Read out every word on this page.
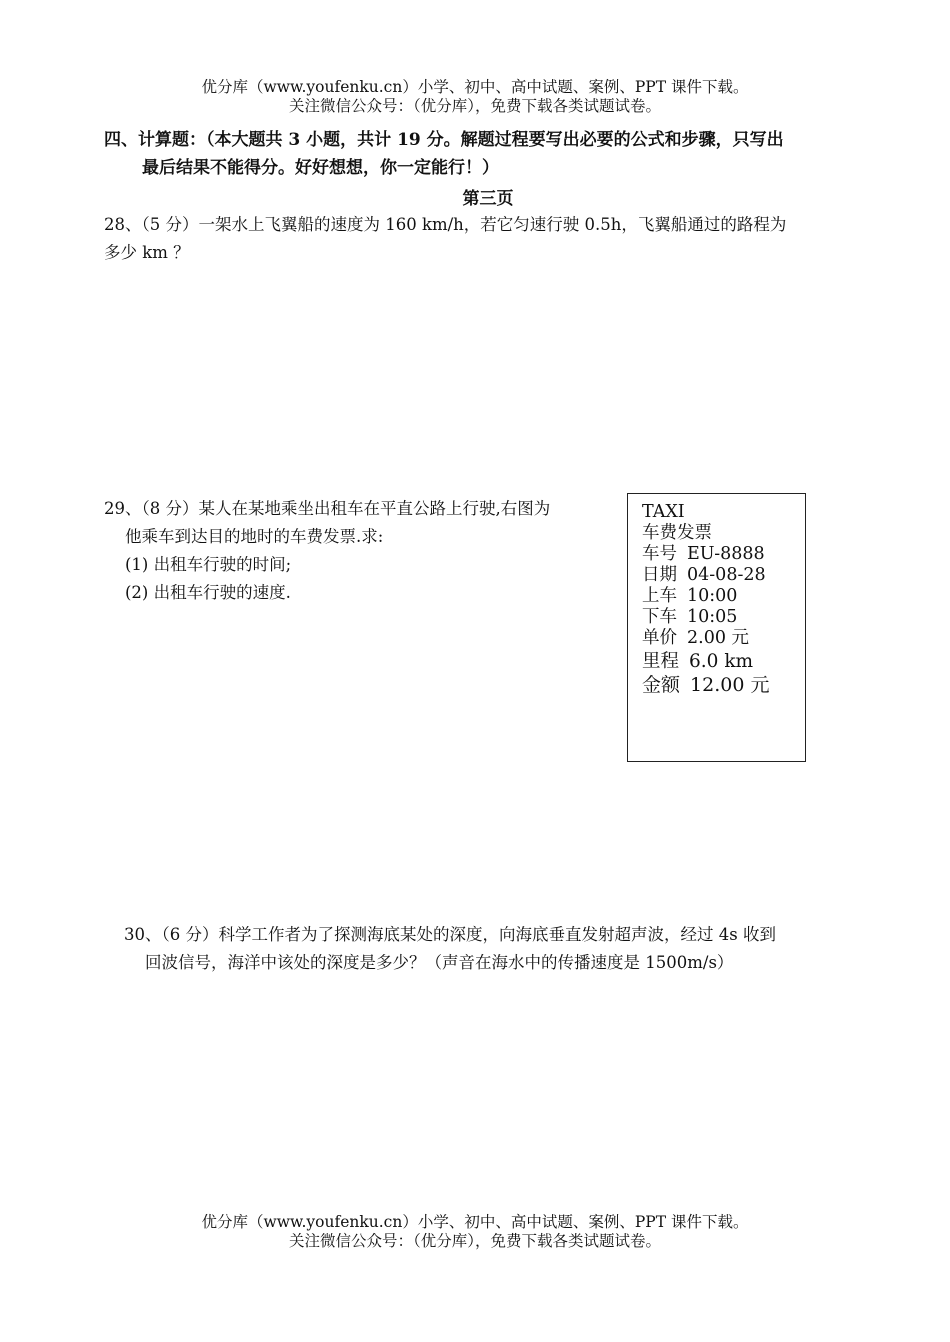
优分库（www.youfenku.cn）小学、初中、高中试题、案例、PPT 课件下载。
关注微信公众号：（优分库），免费下载各类试题试卷。
四、计算题：（本大题共 3 小题，共计 19 分。解题过程要写出必要的公式和步骤，只写出
最后结果不能得分。好好想想，你一定能行！）
第三页
28、（5 分）一架水上飞翼船的速度为 160 km/h，若它匀速行驶 0.5h，飞翼船通过的路程为
多少 km ？
29、（8 分）某人在某地乘坐出租车在平直公路上行驶,右图为
他乘车到达目的地时的车费发票.求:
(1) 出租车行驶的时间;
(2) 出租车行驶的速度.
TAXI
车费发票
车号 EU-8888
日期 04-08-28
上车 10:00
下车 10:05
单价 2.00 元
里程 6.0 km
金额 12.00 元
30、（6 分）科学工作者为了探测海底某处的深度，向海底垂直发射超声波，经过 4s 收到
回波信号，海洋中该处的深度是多少？（声音在海水中的传播速度是 1500m/s）
优分库（www.youfenku.cn）小学、初中、高中试题、案例、PPT 课件下载。
关注微信公众号：（优分库），免费下载各类试题试卷。
